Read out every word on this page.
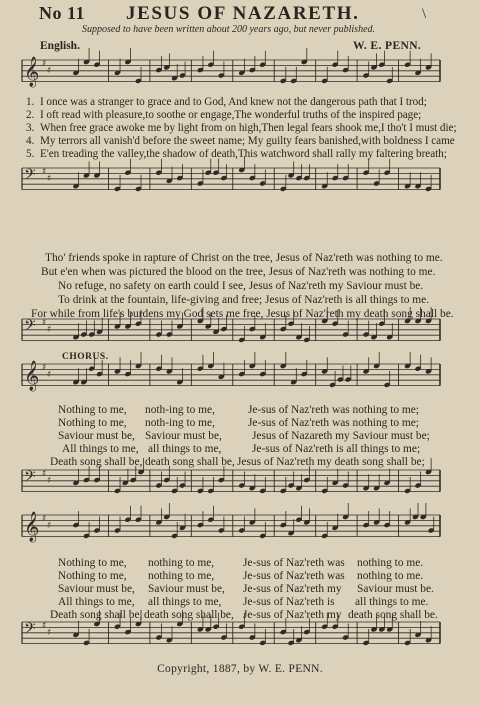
𝄞 ♯
♯
𝄢 ♯
♯
𝄢 ♯
♯
𝄞 ♯
♯
𝄢 ♯
♯
𝄞 ♯
♯
𝄢 ♯
♯
No 11 JESUS OF NAZARETH.	\
Supposed to have been written about 200 years ago, but never published.
English.	W. E. PENN.
1. I once was a stranger to grace and to God, And knew not the dangerous path that I trod;
2. I oft read with pleasure,to soothe or engage,The wonderful truths of the inspired page;
3. When free grace awoke me by light from on high,Then legal fears shook me,I tho't I must die;
4. My terrors all vanish'd before the sweet name; My guilty fears banished,with boldness I came
5. E'en treading the valley,the shadow of death,This watchword shall rally my faltering breath;
Tho' friends spoke in rapture of Christ on the tree, Jesus of Naz'reth was nothing to me.
But e'en when was pictured the blood on the tree, Jesus of Naz'reth was nothing to me.
No refuge, no safety on earth could I see, Jesus of Naz'reth my Saviour must be.
To drink at the fountain, life-giving and free; Jesus of Naz'reth is all things to me.
For while from life's burdens my God sets me free, Jesus of Naz'reth my death song shall be.
CHORUS.
Nothing to me, noth-ing to me,	Je-sus of Naz'reth was nothing to me;
Nothing to me, noth-ing to me,	Je-sus of Naz'reth was nothing to me;
Saviour must be, Saviour must be,	Jesus of Nazareth my Saviour must be;
All things to me, all things to me,	Je-sus of Naz'reth is all things to me;
Death song shall be, death song shall be, Jesus of Naz'reth my death song shall be;
Nothing to me, nothing to me,	Je-sus of Naz'reth was nothing to me.
Nothing to me, nothing to me,	Je-sus of Naz'reth was nothing to me.
Saviour must be, Saviour must be, Je-sus of Naz'reth my Saviour must be.
All things to me, all things to me, Je-sus of Naz'reth is all things to me.
Death song shall be, death song shall be, Je-sus of Naz'reth my death song shall be.
Copyright, 1887, by W. E. PENN.
